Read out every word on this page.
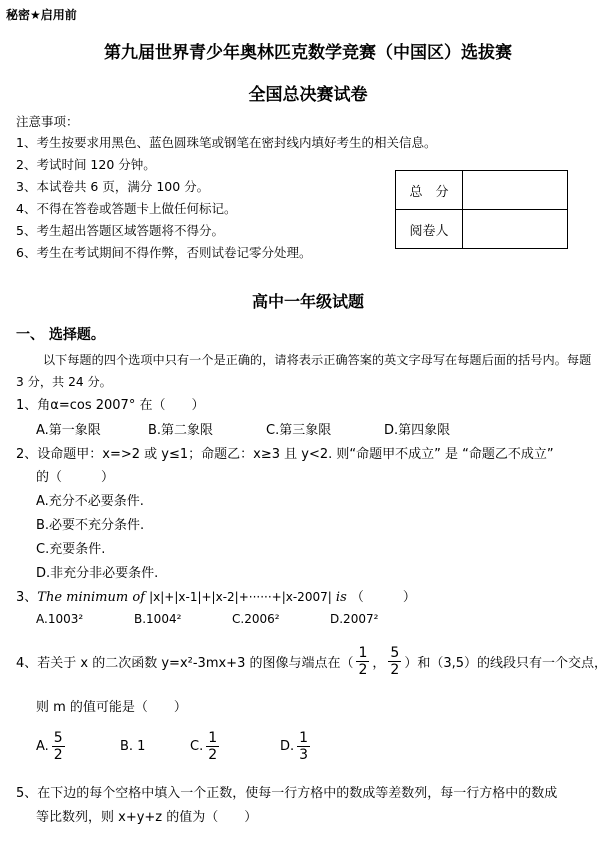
秘密★启用前
第九届世界青少年奥林匹克数学竞赛（中国区）选拔赛
全国总决赛试卷
注意事项：
1、考生按要求用黑色、蓝色圆珠笔或钢笔在密封线内填好考生的相关信息。
2、考试时间 120 分钟。
3、本试卷共 6 页，满分 100 分。
4、不得在答卷或答题卡上做任何标记。
5、考生超出答题区域答题将不得分。
6、考生在考试期间不得作弊，否则试卷记零分处理。
总　分	
阅卷人	
高中一年级试题
一、 选择题。
以下每题的四个选项中只有一个是正确的，请将表示正确答案的英文字母写在每题后面的括号内。每题 3 分，共 24 分。
1、角α=cos 2007° 在（　　）
A.第一象限	B.第二象限	C.第三象限	D.第四象限
2、设命题甲：x=>2 或 y≤1；命题乙：x≥3 且 y<2. 则“命题甲不成立” 是 “命题乙不成立”
的（　　　）
A.充分不必要条件.
B.必要不充分条件.
C.充要条件.
D.非充分非必要条件.
3、The minimum of |x|+|x-1|+|x-2|+······+|x-2007| is （　　　）
A.1003²	B.1004²	C.2006²	D.2007²
4、若关于 x 的二次函数 y=x²-3mx+3 的图像与端点在（ $\frac{1}{2}$ ， $\frac{5}{2}$ ）和（3,5）的线段只有一个交点，
则 m 的值可能是（　　）
A. $\frac{5}{2}$	B. 1	C. $\frac{1}{2}$	D. $\frac{1}{3}$
5、在下边的每个空格中填入一个正数，使每一行方格中的数成等差数列，每一行方格中的数成
等比数列，则 x+y+z 的值为（　　）
